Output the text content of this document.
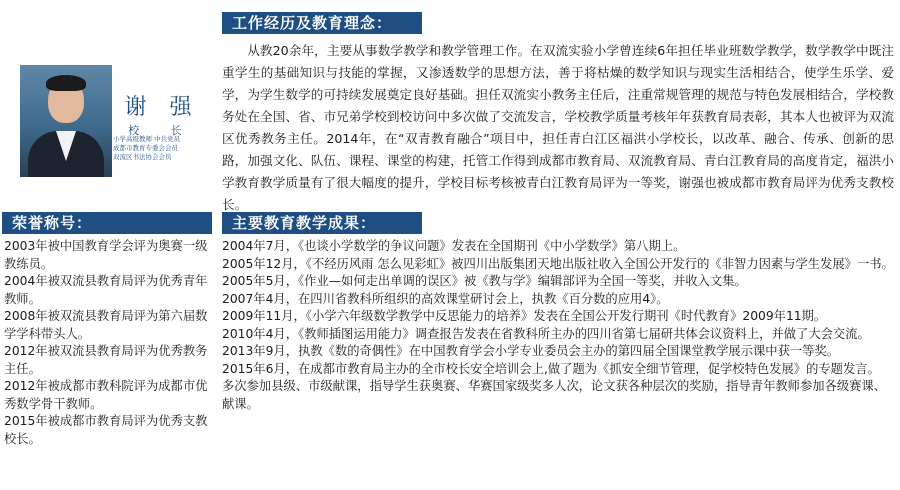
工作经历及教育理念：
谢 强
校 长
小学高级教师 中共党员
成都市教育专委会会员
双流区书法协会会员

从教20余年，主要从事数学教学和教学管理工作。在双流实验小学曾连续6年担任毕业班数学教学，数学教学中既注重学生的基础知识与技能的掌握，又渗透数学的思想方法，善于将枯燥的数学知识与现实生活相结合，使学生乐学、爱学，为学生数学的可持续发展奠定良好基础。担任双流实小教务主任后，注重常规管理的规范与特色发展相结合，学校教务处在全国、省、市兄弟学校到校访问中多次做了交流发言，学校教学质量考核年年获教育局表彰，其本人也被评为双流区优秀教务主任。2014年，在“双青教育融合”项目中，担任青白江区福洪小学校长，以改革、融合、传承、创新的思路，加强文化、队伍、课程、课堂的构建，托管工作得到成都市教育局、双流教育局、青白江教育局的高度肯定，福洪小学教育教学质量有了很大幅度的提升，学校目标考核被青白江教育局评为一等奖，谢强也被成都市教育局评为优秀支教校长。

荣誉称号：	主要教育教学成果：
2003年被中国教育学会评为奥赛一级教练员。
2004年被双流县教育局评为优秀青年教师。
2008年被双流县教育局评为第六届数学学科带头人。
2012年被双流县教育局评为优秀教务主任。
2012年被成都市教科院评为成都市优秀数学骨干教师。
2015年被成都市教育局评为优秀支教校长。
2004年7月，《也谈小学数学的争议问题》发表在全国期刊《中小学数学》第八期上。
2005年12月，《不经历风雨 怎么见彩虹》被四川出版集团天地出版社收入全国公开发行的《非智力因素与学生发展》一书。
2005年5月，《作业—如何走出单调的误区》被《教与学》编辑部评为全国一等奖，并收入文集。
2007年4月，在四川省教科所组织的高效课堂研讨会上，执教《百分数的应用4》。
2009年11月，《小学六年级数学教学中反思能力的培养》发表在全国公开发行期刊《时代教育》2009年11期。
2010年4月，《教师插图运用能力》调查报告发表在省教科所主办的四川省第七届研共体会议资料上，并做了大会交流。
2013年9月，执教《数的奇偶性》在中国教育学会小学专业委员会主办的第四届全国课堂教学展示课中获一等奖。
2015年6月，在成都市教育局主办的全市校长安全培训会上,做了题为《抓安全细节管理，促学校特色发展》的专题发言。
多次参加县级、市级献课，指导学生获奥赛、华赛国家级奖多人次，论文获各种层次的奖励，指导青年教师参加各级赛课、献课。
